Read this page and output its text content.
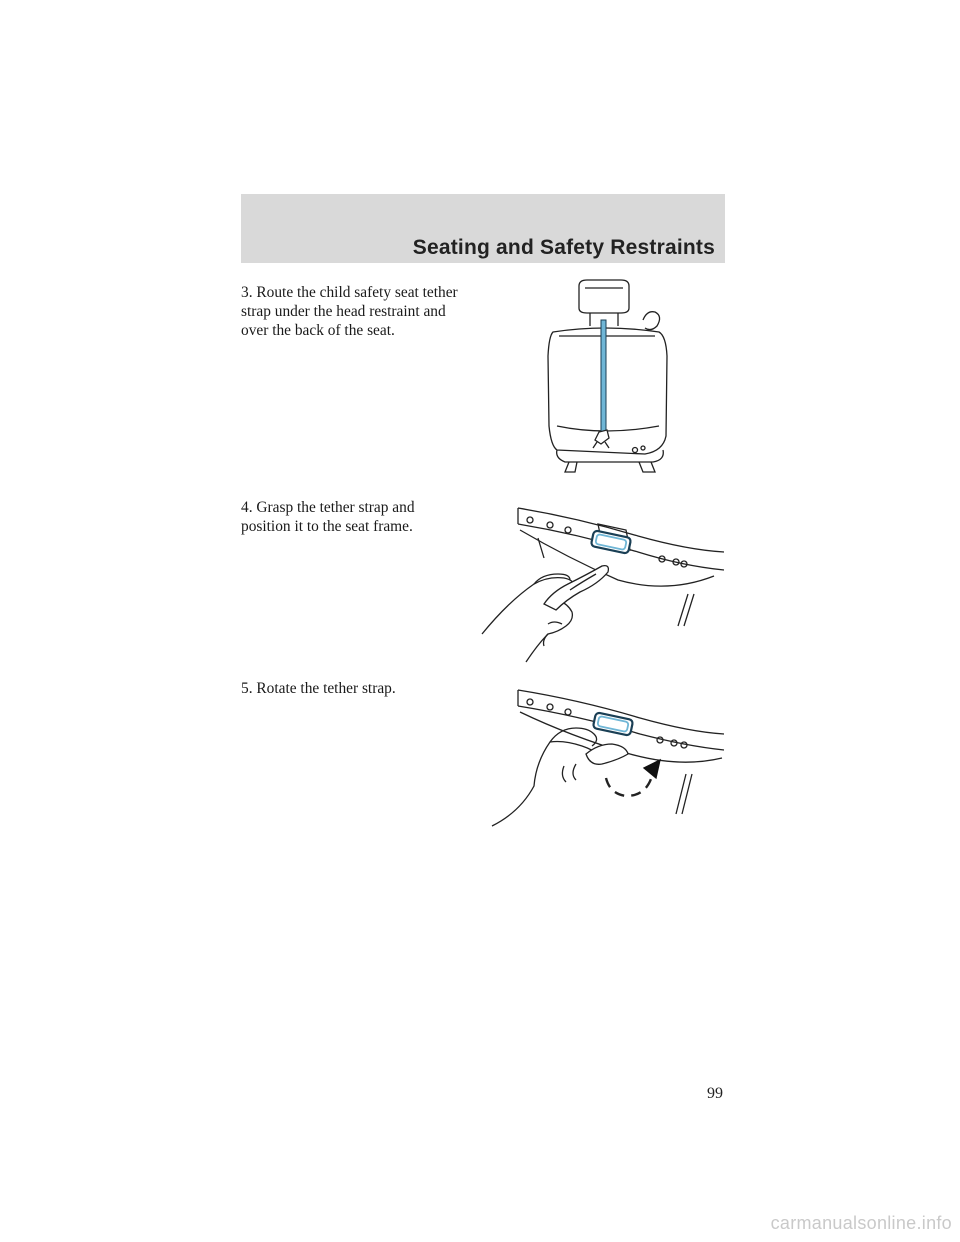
Seating and Safety Restraints
3. Route the child safety seat tether
strap under the head restraint and
over the back of the seat.
4. Grasp the tether strap and
position it to the seat frame.
5. Rotate the tether strap.
99
carmanualsonline.info
